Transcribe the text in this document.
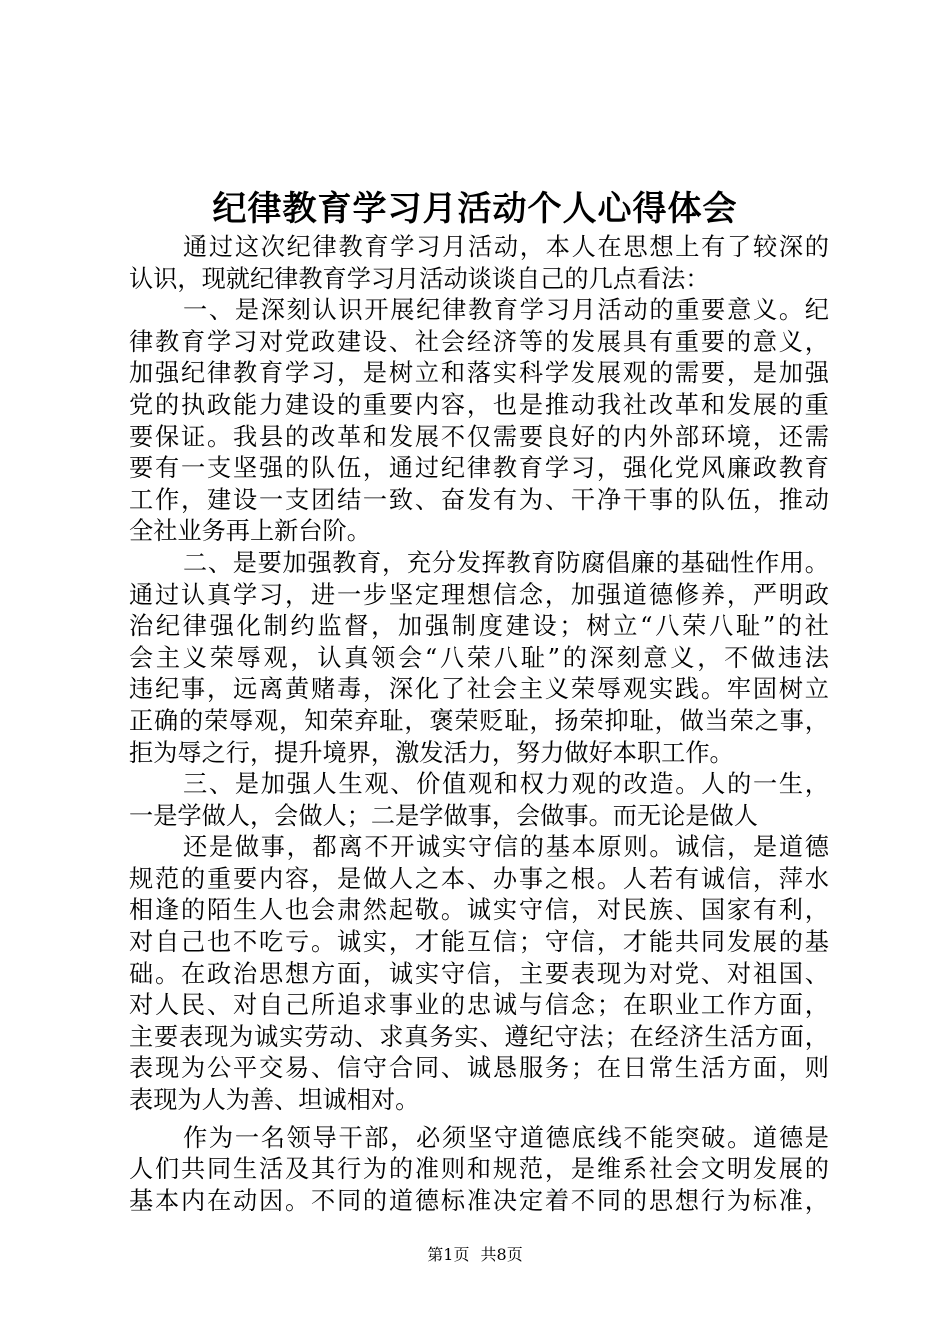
纪律教育学习月活动个人心得体会
通过这次纪律教育学习月活动，本人在思想上有了较深的
认识，现就纪律教育学习月活动谈谈自己的几点看法：
一、是深刻认识开展纪律教育学习月活动的重要意义。纪
律教育学习对党政建设、社会经济等的发展具有重要的意义，
加强纪律教育学习，是树立和落实科学发展观的需要，是加强
党的执政能力建设的重要内容，也是推动我社改革和发展的重
要保证。我县的改革和发展不仅需要良好的内外部环境，还需
要有一支坚强的队伍，通过纪律教育学习，强化党风廉政教育
工作，建设一支团结一致、奋发有为、干净干事的队伍，推动
全社业务再上新台阶。
二、是要加强教育，充分发挥教育防腐倡廉的基础性作用。
通过认真学习，进一步坚定理想信念，加强道德修养，严明政
治纪律强化制约监督，加强制度建设；树立“八荣八耻”的社
会主义荣辱观，认真领会“八荣八耻”的深刻意义，不做违法
违纪事，远离黄赌毒，深化了社会主义荣辱观实践。牢固树立
正确的荣辱观，知荣弃耻，褒荣贬耻，扬荣抑耻，做当荣之事，
拒为辱之行，提升境界，激发活力，努力做好本职工作。
三、是加强人生观、价值观和权力观的改造。人的一生，
一是学做人，会做人；二是学做事，会做事。而无论是做人
还是做事，都离不开诚实守信的基本原则。诚信，是道德
规范的重要内容，是做人之本、办事之根。人若有诚信，萍水
相逢的陌生人也会肃然起敬。诚实守信，对民族、国家有利，
对自己也不吃亏。诚实，才能互信；守信，才能共同发展的基
础。在政治思想方面，诚实守信，主要表现为对党、对祖国、
对人民、对自己所追求事业的忠诚与信念；在职业工作方面，
主要表现为诚实劳动、求真务实、遵纪守法；在经济生活方面，
表现为公平交易、信守合同、诚恳服务；在日常生活方面，则
表现为人为善、坦诚相对。
作为一名领导干部，必须坚守道德底线不能突破。道德是
人们共同生活及其行为的准则和规范，是维系社会文明发展的
基本内在动因。不同的道德标准决定着不同的思想行为标准，
第1页 共8页
